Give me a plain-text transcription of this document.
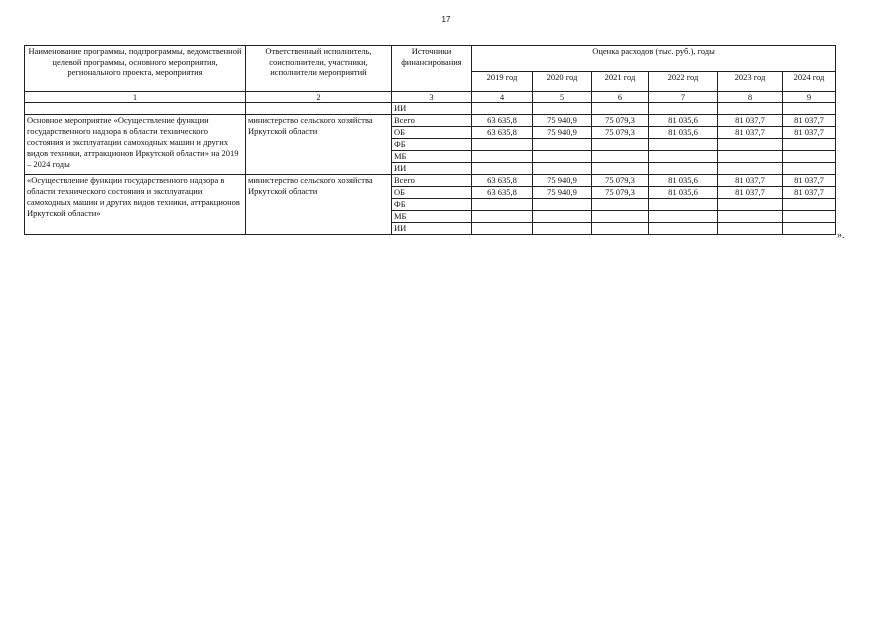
17
Наименование программы, подпрограммы, ведомственной целевой программы, основного мероприятия, регионального проекта, мероприятия	Ответственный исполнитель, соисполнители, участники, исполнители мероприятий	Источники финансирования	Оценка расходов (тыс. руб.), годы					
			2019 год	2020 год	2021 год	2022 год	2023 год	2024 год
1	2	3	4	5	6	7	8	9
		ИИ						
Основное мероприятие «Осуществление функции государственного надзора в области технического состояния и эксплуатации самоходных машин и других видов техники, аттракционов Иркутской области» на 2019 – 2024 годы	министерство сельского хозяйства Иркутской области	Всего	63 635,8	75 940,9	75 079,3	81 035,6	81 037,7	81 037,7
		ОБ	63 635,8	75 940,9	75 079,3	81 035,6	81 037,7	81 037,7
		ФБ						
		МБ						
		ИИ						
«Осуществление функции государственного надзора в области технического состояния и эксплуатации самоходных машин и других видов техники, аттракционов Иркутской области»	министерство сельского хозяйства Иркутской области	Всего	63 635,8	75 940,9	75 079,3	81 035,6	81 037,7	81 037,7
		ОБ	63 635,8	75 940,9	75 079,3	81 035,6	81 037,7	81 037,7
		ФБ						
		МБ						
		ИИ						
».
